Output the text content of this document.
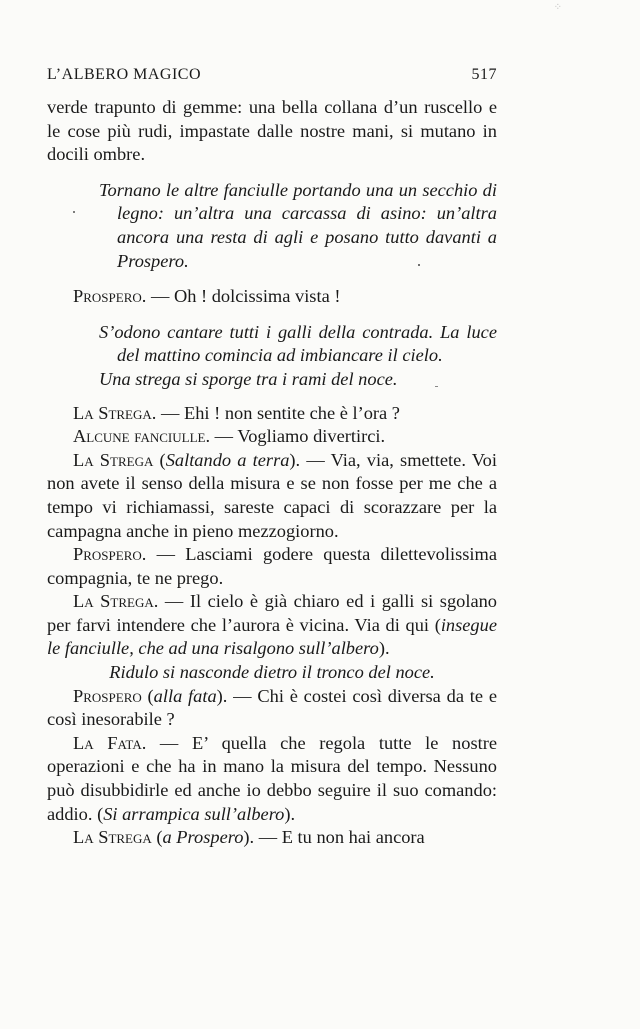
⁘
L’ALBERO MAGICO	517

verde trapunto di gemme: una bella collana d’un ruscello e le cose più rudi, impastate dalle nostre mani, si mutano in docili ombre.

Tornano le altre fanciulle portando una un secchio di legno: un’altra una carcassa di asino: un’altra ancora una resta di agli e posano tutto davanti a Prospero.

Prospero. — Oh ! dolcissima vista !

S’odono cantare tutti i galli della contrada. La luce del mattino comincia ad imbiancare il cielo.

Una strega si sporge tra i rami del noce.

La Strega. — Ehi ! non sentite che è l’ora ?

Alcune fanciulle. — Vogliamo divertirci.

La Strega (Saltando a terra). — Via, via, smettete. Voi non avete il senso della misura e se non fosse per me che a tempo vi richiamassi, sareste capaci di scorazzare per la campagna anche in pieno mezzogiorno.

Prospero. — Lasciami godere questa dilettevolissima compagnia, te ne prego.

La Strega. — Il cielo è già chiaro ed i galli si sgolano per farvi intendere che l’aurora è vicina. Via di qui (insegue le fanciulle, che ad una risalgono sull’albero).

Ridulo si nasconde dietro il tronco del noce.

Prospero (alla fata). — Chi è costei così diversa da te e così inesorabile ?

La Fata. — E’ quella che regola tutte le nostre operazioni e che ha in mano la misura del tempo. Nessuno può disubbidirle ed anche io debbo seguire il suo comando: addio. (Si arrampica sull’albero).

La Strega (a Prospero). — E tu non hai ancora
